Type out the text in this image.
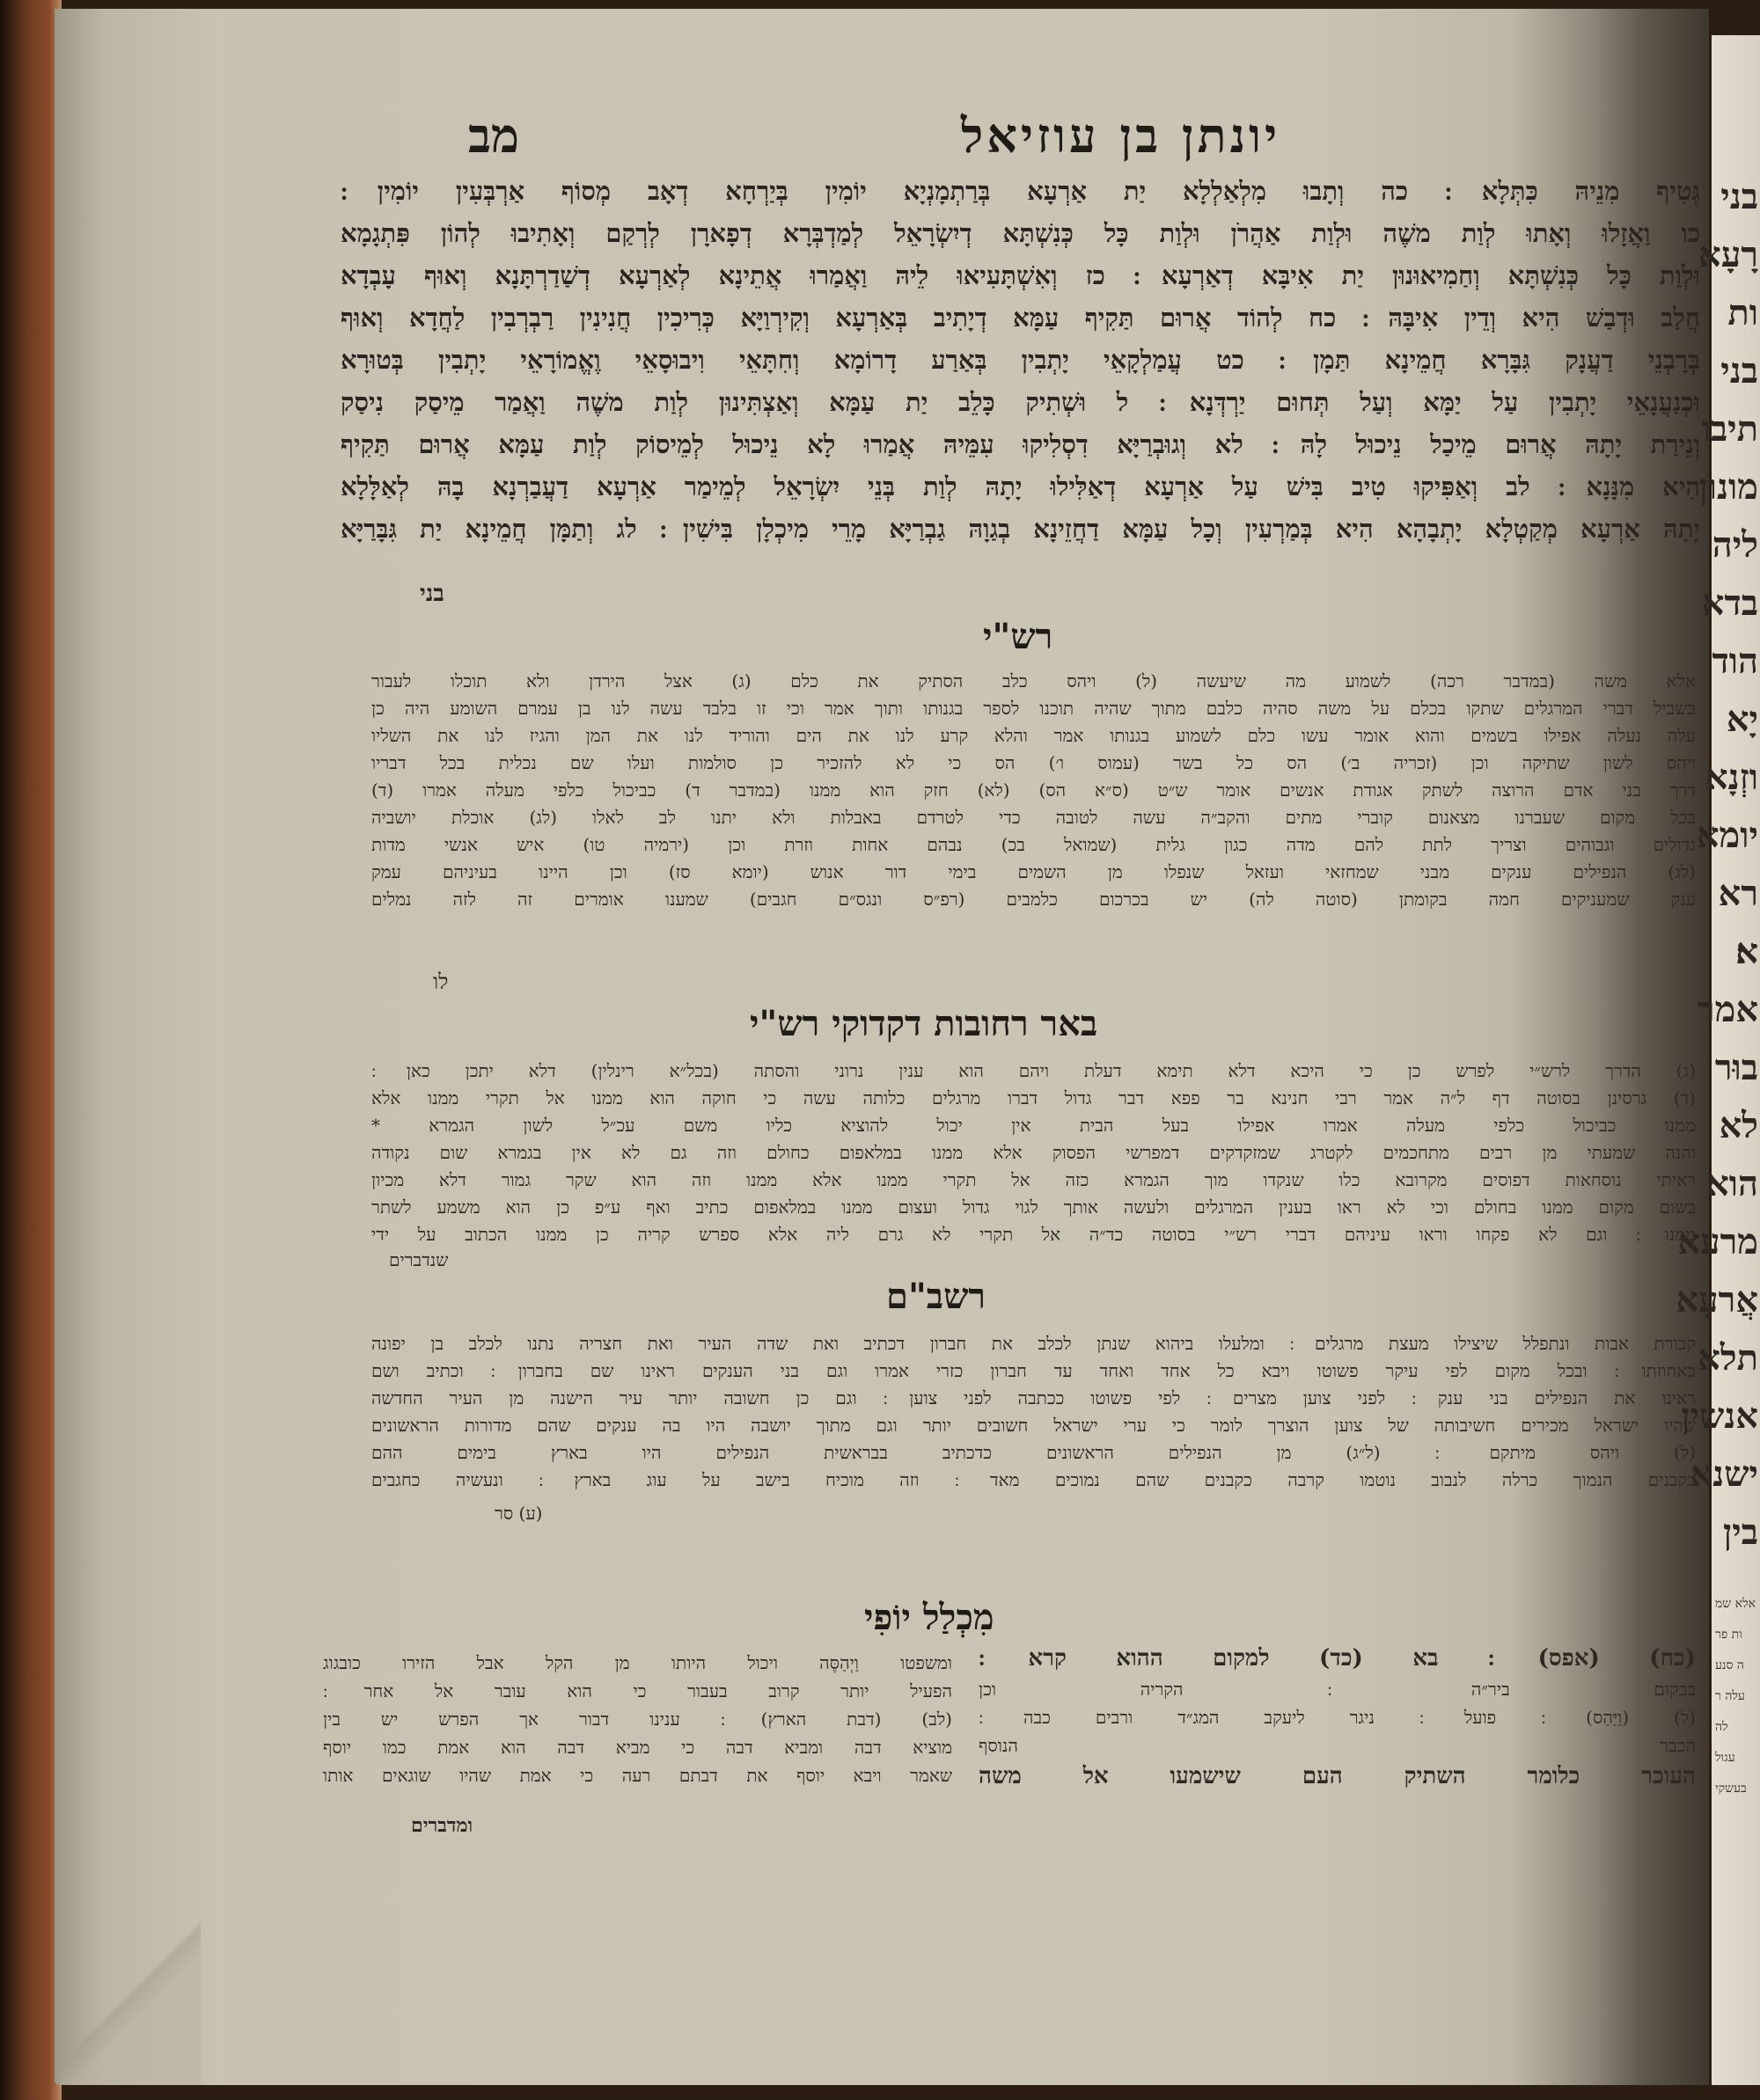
יונתן בן עוזיאל
מב
גְּטִיף מִנֵיהּ כִּתְּלָא ׃ כה וְתָבוּ מִלְאַלְלָא יַת אַרְעָא בְּרַתְמָנְיָא יוֹמִין בְּיַרְחָא דְאָב מְסוֹף אַרְבְּעִין יוֹמִין ׃
כו וַאֲזָלוּ וְאָתוּ לְוַת משֶׁה וּלְוַת אַהֲרֹן וּלְוַת כָּל כְּנִשְׁתָּא דְיִשְׂרָאֵל לְמַדְבְּרָא דְפָארָן לְרְקַם וְאָתִיבוּ לְהוֹן פִּתְגָמָא
וּלְוַת כָּל כְּנִשְׁתָּא וְחַמִיאוּנוּן יַת אִיבָּא דְאַרְעָא ׃ כז וְאִשְׁתָּעִיאוּ לֵיהּ וַאֲמַרוּ אֲתֵינָא לְאַרְעָא דְשַׁדַרְתָּנָא וְאוּף עָבְדָא
חֲלַב וּדְבַשׁ הִיא וְדֵין אִיבָּהּ ׃ כח לְהוֹד אֲרוּם תַּקִיף עַמָּא דְיָתִיב בְּאַרְעָא וְקִירְוַיָּא כְּרִיכִין חֲנִינִין רַבְרְבִין לַחֲדָא וְאוּף
בְּרָבְנֵי דַעֲנָק גִּבָּרָא חֲמֵינָא תַּמָן ׃ כט עֲמַלְקָאֵי יָתְבִין בְּאַרַע דָרוֹמָא וְחִתָּאֵי וִיבוּסָאֵי וֶאֱמוֹרָאֵי יָתְבִין בְּטוּרָא
וּכְנַעֲנָאֵי יָתְבִין עַל יַמָּא וְעַל תְּחוּם יַרְדְּנָא ׃ ל וּשְׁתִיק כָּלֵב יַת עַמָּא וְאַצְתִּינוּן לְוַת משֶׁה וַאֲמַר מֵיסַק נִיסַק
וְנֵירַת יָתָהּ אֲרוּם מֵיכַל נֵיכוּל לָהּ ׃ לא וְגוּבְרַיָּא דִסְלִיקוּ עִמֵּיהּ אֲמַרוּ לָא נֵיכוּל לְמֵיסוֹק לְוַת עַמָּא אֲרוּם תַּקִיף
הִיא מִנָּנָא ׃ לב וְאַפִּיקוּ טִיב בִּישׁ עַל אַרְעָא דְאַלִּילוּ יָתָהּ לְוַת בְּנֵי יִשְׂרָאֵל לְמֵימַר אַרְעָא דַעֲבַרְנָא בָהּ לְאַלָּלָא
יָתָהּ אַרְעָא מְקַטְלָא יָתְבָהָא הִיא בְּמַרְעִין וְכָל עַמָּא דַחֲזֵינָא בְגַוָהּ גַבְרַיָּא מָרֵי מִיכְלָן בִּישִׁין ׃ לג וְתַמָּן חֲמֵינָא יַת גִּבָּרַיָּא
בני
רש"י
אלא משה (במדבר רכה) לשמוע מה שיעשה (ל) ויהס כלב הסתיק את כלם (ג) אצל הירדן ולא תוכלו לעבור
בשביל דברי המרגלים שתקו בכלם על משה סהיה כלבם מתוך שהיה תוכנו לספר בגנותו ותוך אמר וכי זו בלבד עשה לנו בן עמרם השומע היה כן
עלה נעלה אפילו בשמים והוא אומר עשו כלם לשמוע בגנותו אמר והלא קרע לנו את הים והוריד לנו את המן והגיז לנו את השליו
ויהס לשון שתיקה וכן (זכריה ב׳) הס כל בשר (עמוס ו׳) הס כי לא להזכיר כן סולמות ועלו שם נכלית בכל דבריו
דרך בני אדם הרוצה לשתק אגודת אנשים אומר ש״ט (ס״א הס) (לא) חזק הוא ממנו (במדבר ד) כביכול כלפי מעלה אמרו (ד)
בכל מקום שעברנו מצאנום קוברי מתים והקב״ה עשה לטובה כדי לטרדם באבלות ולא יתנו לב לאלו (לג) אוכלת יושביה
גדולים וגבוהים וצריך לתת להם מדה כגון גלית (שמואל בכ) נבהם אחות וזרת וכן (ירמיה טו) איש אנשי מדות
(לג) הנפילים ענקים מבני שמחזאי ועזאל שנפלו מן השמים בימי דור אנוש (יומא סז) וכן היינו בעיניהם עמק
ענק שמעניקים חמה בקומתן (סוטה לה) יש בכרכום כלמבים (רפ״ס ונגס״ם חגבים) שמענו אומרים זה לזה נמלים
לו
באר רחובות דקדוקי רש"י
(ג) הדרך לרש״י לפרש כן כי היכא דלא תימא דעלת ויהם הוא ענין נרוני והסתה (בכל״א רינלין) דלא יתכן כאן ׃
(ד) גרסינן בסוטה דף ל״ה אמר רבי חנינא בר פפא דבר גדול דברו מרגלים כלותה עשה כי חוקה הוא ממנו אל תקרי ממנו אלא
ממנו כביכול כלפי מעלה אמרו אפילו בעל הבית אין יכול להוציא כליו משם עכ״ל לשון הגמרא *
והנה שמעתי מן רבים מתחכמים לקטרג שמזקדקים דמפרשי הפסוק אלא ממנו במלאפום כחולם וזה גם לא אין בגמרא שום נקודה
ראיתי נוסחאות דפוסים מקרובא כלו שנקדו מוך הגמרא כזה אל תקרי ממנו אלא ממנו וזה הוא שקר גמור דלא מכיון
בשום מקום ממנו בחולם וכי לא ראו בענין המרגלים ולעשה אותך לגוי גדול ועצום ממנו במלאפום כתיב ואף ע״פ כן הוא משמע לשתר
ממנו ׃ וגם לא פקחו וראו עיניהם דברי רש״י בסוטה כד״ה אל תקרי לא גרם ליה אלא ספרש קריה כן ממנו הכתוב על ידי
שנדברים
רשב"ם
קבורת אבות ונתפלל שיצילו מעצת מרגלים ׃ ומלעלו ביהוא שנתן לכלב את חברון דכתיב ואת שדה העיר ואת חצריה נתנו לכלב בן יפונה
באחוזתו ׃ ובכל מקום לפי עיקר פשוטו ויבא כל אחד ואחד עד חברון כזרי אמרו וגם בני הענקים ראינו שם בחברון ׃ וכתיב ושם
ראינו את הנפילים בני ענק ׃ לפני צוען מצרים ׃ לפי פשוטו ככתבה לפני צוען ׃ וגם כן חשובה יותר עיר הישנה מן העיר החדשה
שהיו ישראל מכירים חשיבותה של צוען הוצרך לומר כי ערי ישראל חשובים יותר וגם מתוך יושבה היו בה ענקים שהם מדורות הראשונים
(ל) ויהס מיתקם ׃ (ל״ג) מן הנפילים הראשונים כדכתיב בבראשית הנפילים היו בארץ בימים ההם
בקבנים הנמוך כרלה לנבוב נוטמו קרבה כקבנים שהם נמוכים מאד ׃ וזה מוכיח בישב על עוג בארץ ׃ ונעשיה כחגבים
(ע) סר
מִכְלַל יוֹפִי
(כח) (אפס) ׃ בא (כד) למקום ההוא קרא ׃
בבקום ביר״ה ׃ הקריה וכן
(ל) (וַיַּהַס) ׃ פועל ׃ ניגר ליעקב המג״ד ורבים כבה ׃
הכבר הנוסף
העוכר כלומר השתיק העם שישמעו אל משה
ומשפטו וַיְהַסֶּה ויכול היותו מן הקל אבל הזירו כובגוג
הפעיל יותר קרוב בעבור כי הוא עובר אל אחר ׃
(לב) (דבת הארץ) ׃ ענינו דבור אך הפרש יש בין
מוציא דבה ומביא דבה כי מביא דבה הוא אמת כמו יוסף
שאמר ויבא יוסף את דבתם רעה כי אמת שהיו שוגאים אותו
ומדברים
בני
רָעָא
ות
בני
תיבו
מונון
ליה
בדא
הוד
יָא
וזְנָא
יומא
רא
א׃
אמר
בוּר
לא
הוא
מרעא
אֲרעָא
תלא
אנשין
ישנא
בין
אלא שמ
ות פר
ה סנע
עלה ר
לה
עגול
בעשקי
